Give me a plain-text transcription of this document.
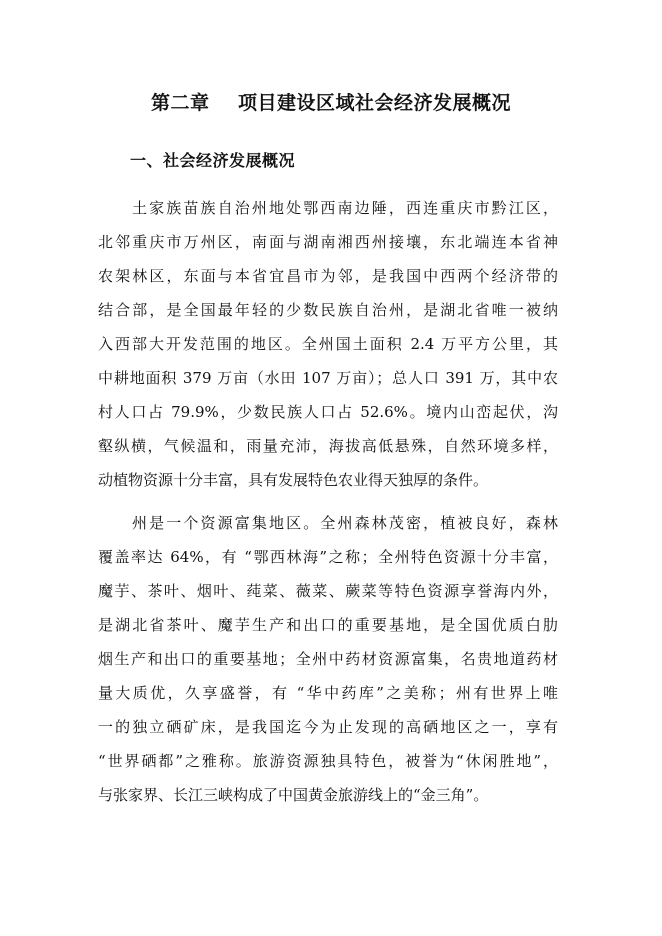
第二章    项目建设区域社会经济发展概况
一、社会经济发展概况
土家族苗族自治州地处鄂西南边陲，西连重庆市黔江区，
北邻重庆市万州区，南面与湖南湘西州接壤，东北端连本省神
农架林区，东面与本省宜昌市为邻，是我国中西两个经济带的
结合部，是全国最年轻的少数民族自治州，是湖北省唯一被纳
入西部大开发范围的地区。全州国土面积 2.4 万平方公里，其
中耕地面积 379 万亩（水田 107 万亩）；总人口 391 万，其中农
村人口占 79.9%，少数民族人口占 52.6%。境内山峦起伏，沟
壑纵横，气候温和，雨量充沛，海拔高低悬殊，自然环境多样，
动植物资源十分丰富，具有发展特色农业得天独厚的条件。
州是一个资源富集地区。全州森林茂密，植被良好，森林
覆盖率达 64%，有 “鄂西林海”之称；全州特色资源十分丰富，
魔芋、茶叶、烟叶、莼菜、薇菜、蕨菜等特色资源享誉海内外，
是湖北省茶叶、魔芋生产和出口的重要基地，是全国优质白肋
烟生产和出口的重要基地；全州中药材资源富集，名贵地道药材
量大质优，久享盛誉，有 “华中药库”之美称；州有世界上唯
一的独立硒矿床，是我国迄今为止发现的高硒地区之一，享有
“世界硒都”之雅称。旅游资源独具特色，被誉为“休闲胜地”，
与张家界、长江三峡构成了中国黄金旅游线上的“金三角”。
